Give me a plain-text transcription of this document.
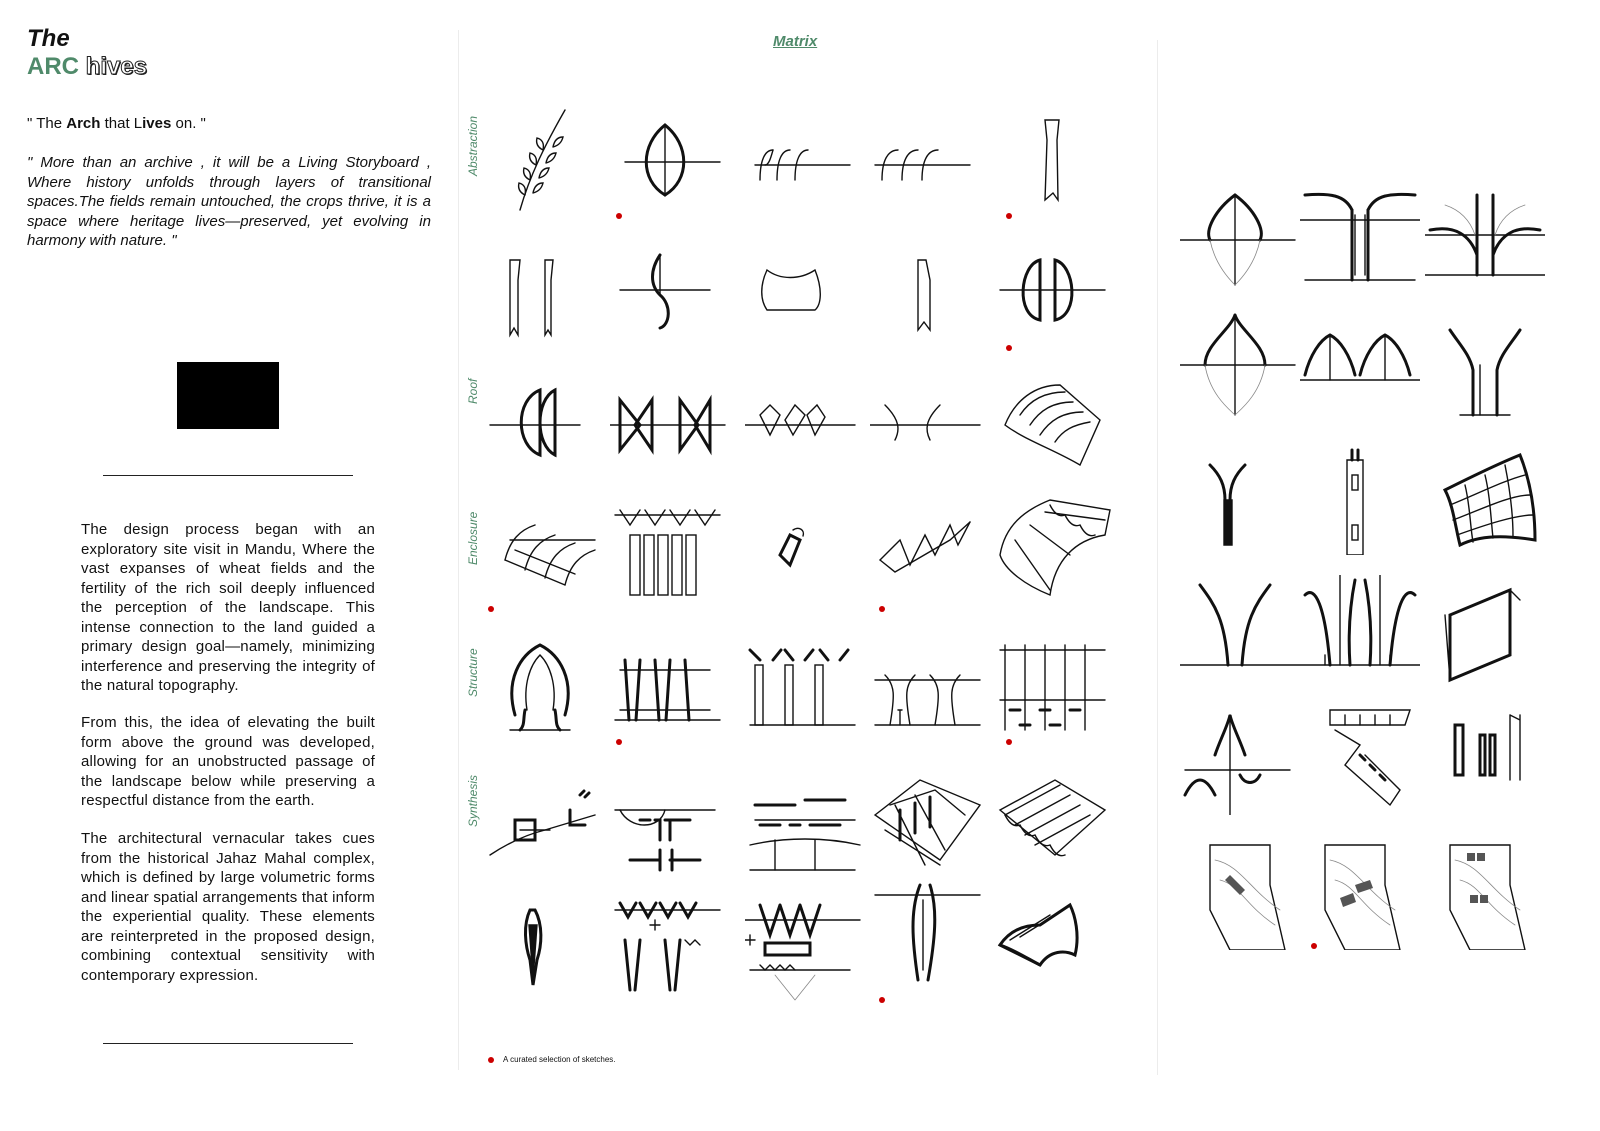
The
ARC hives
" The Arch that Lives on. "
" More than an archive , it will be a Living Storyboard , Where history unfolds through layers of transitional spaces.The fields remain untouched, the crops thrive, it is a space where heritage lives—preserved, yet evolving in harmony with nature. "
The design process began with an exploratory site visit in Mandu, Where the vast expanses of wheat fields and the fertility of the rich soil deeply influenced the perception of the landscape. This intense connection to the land guided a primary design goal—namely, minimizing interference and preserving the integrity of the natural topography.
From this, the idea of elevating the built form above the ground was developed, allowing for an unobstructed passage of the landscape below while preserving a respectful distance from the earth.
The architectural vernacular takes cues from the historical Jahaz Mahal complex, which is defined by large volumetric forms and linear spatial arrangements that inform the experiential quality. These elements are reinterpreted in the proposed design, combining contextual sensitivity with contemporary expression.
Matrix
Abstraction
Roof
Enclosure
Structure
Synthesis
A curated selection of sketches.
